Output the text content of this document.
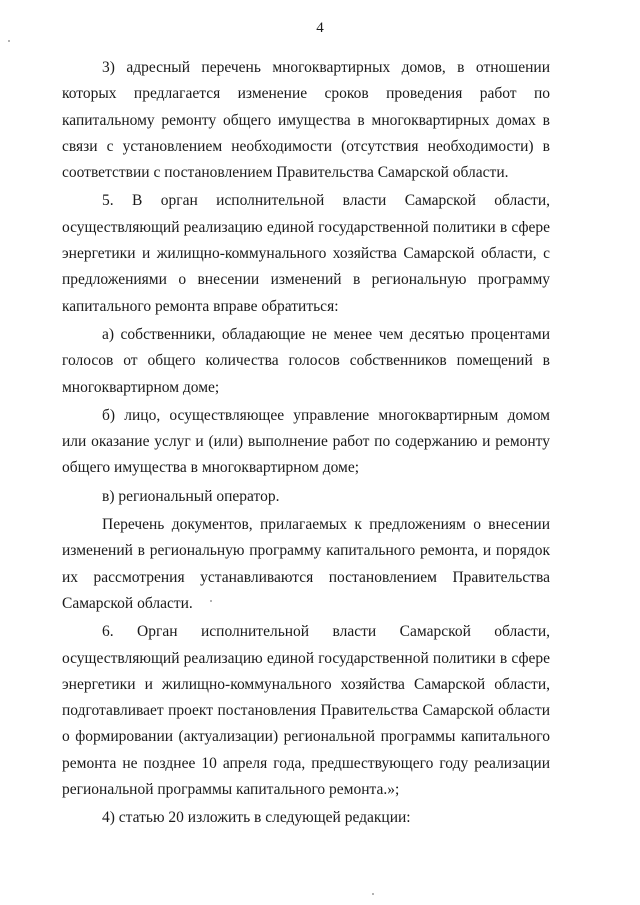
4

3) адресный перечень многоквартирных домов, в отношении которых предлагается изменение сроков проведения работ по капитальному ремонту общего имущества в многоквартирных домах в связи с установлением необходимости (отсутствия необходимости) в соответствии с постановлением Правительства Самарской области.

5. В орган исполнительной власти Самарской области, осуществляющий реализацию единой государственной политики в сфере энергетики и жилищно-коммунального хозяйства Самарской области, с предложениями о внесении изменений в региональную программу капитального ремонта вправе обратиться:

а) собственники, обладающие не менее чем десятью процентами голосов от общего количества голосов собственников помещений в многоквартирном доме;

б) лицо, осуществляющее управление многоквартирным домом или оказание услуг и (или) выполнение работ по содержанию и ремонту общего имущества в многоквартирном доме;

в) региональный оператор.

Перечень документов, прилагаемых к предложениям о внесении изменений в региональную программу капитального ремонта, и порядок их рассмотрения устанавливаются постановлением Правительства Самарской области.

6. Орган исполнительной власти Самарской области, осуществляющий реализацию единой государственной политики в сфере энергетики и жилищно-коммунального хозяйства Самарской области, подготавливает проект постановления Правительства Самарской области о формировании (актуализации) региональной программы капитального ремонта не позднее 10 апреля года, предшествующего году реализации региональной программы капитального ремонта.»;

4) статью 20 изложить в следующей редакции:
